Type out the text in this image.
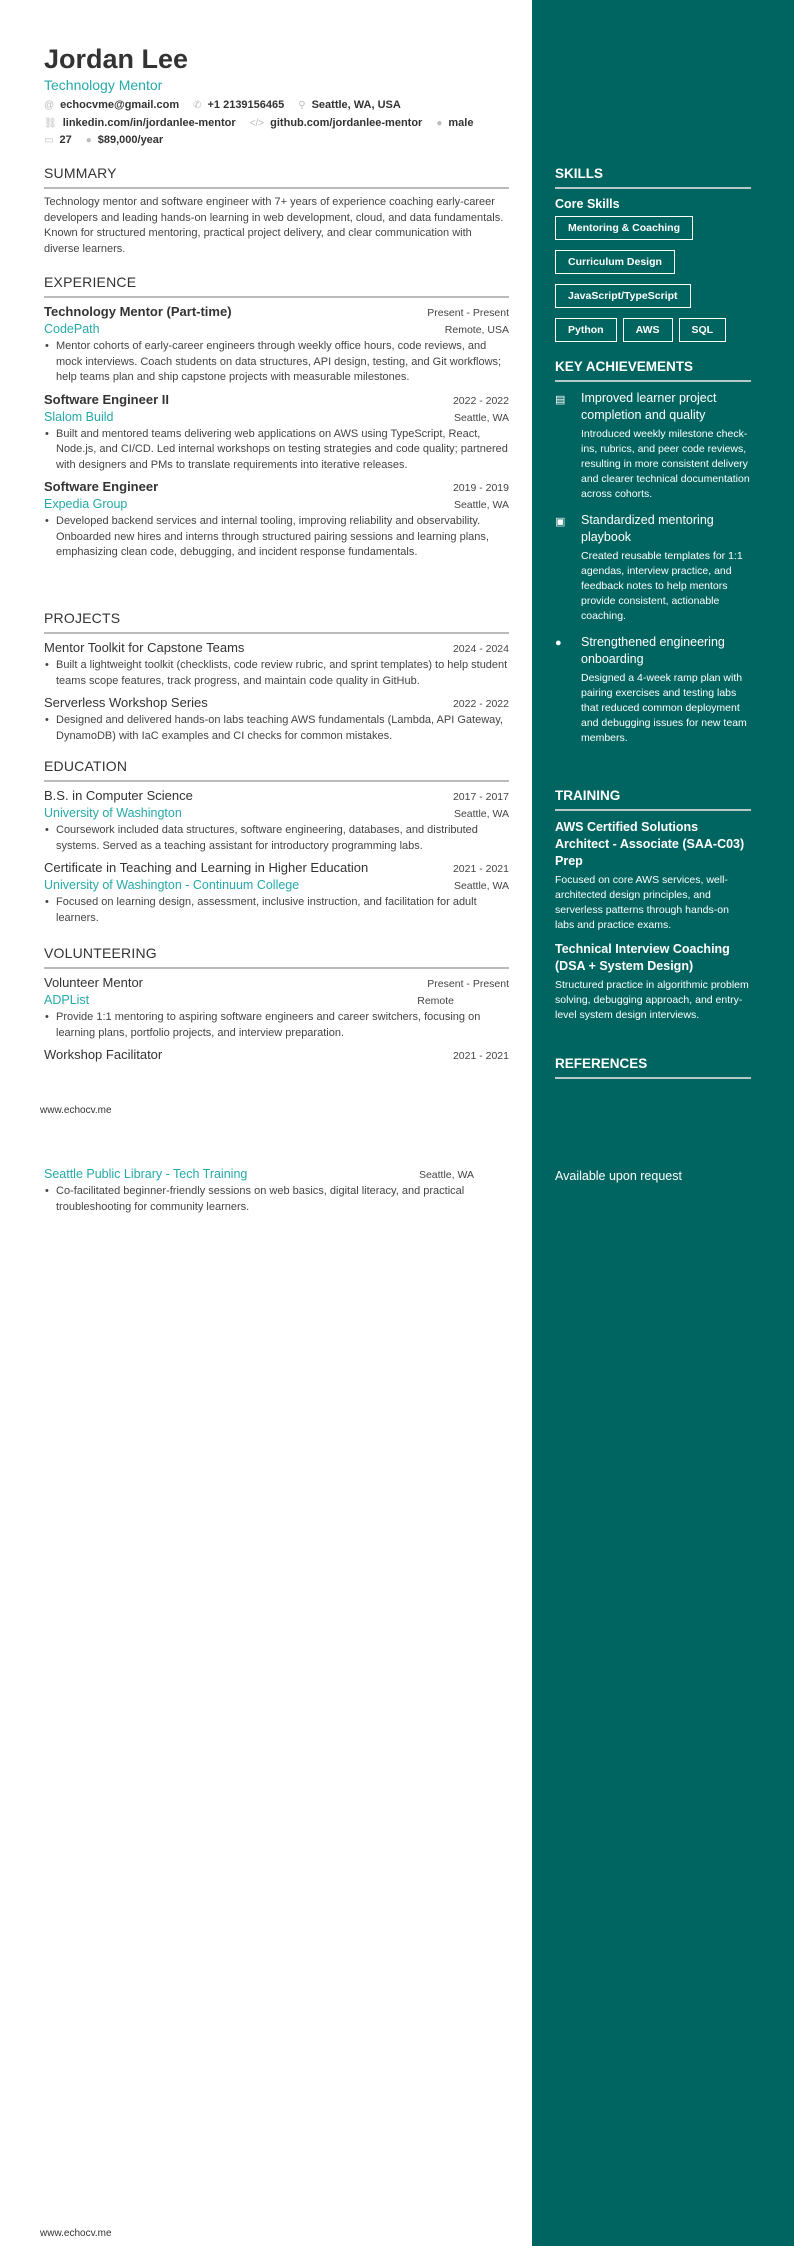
Jordan Lee
Technology Mentor
@ echocvme@gmail.com ✆ +1 2139156465 ⚲ Seattle, WA, USA
⛓ linkedin.com/in/jordanlee-mentor </> github.com/jordanlee-mentor ● male
▭ 27 ● $89,000/year
SUMMARY
Technology mentor and software engineer with 7+ years of experience coaching early-career developers and leading hands-on learning in web development, cloud, and data fundamentals. Known for structured mentoring, practical project delivery, and clear communication with diverse learners.
EXPERIENCE
Technology Mentor (Part-time)	Present - Present
CodePath	Remote, USA
• Mentor cohorts of early-career engineers through weekly office hours, code reviews, and mock interviews. Coach students on data structures, API design, testing, and Git workflows; help teams plan and ship capstone projects with measurable milestones.
Software Engineer II	2022 - 2022
Slalom Build	Seattle, WA
• Built and mentored teams delivering web applications on AWS using TypeScript, React, Node.js, and CI/CD. Led internal workshops on testing strategies and code quality; partnered with designers and PMs to translate requirements into iterative releases.
Software Engineer	2019 - 2019
Expedia Group	Seattle, WA
• Developed backend services and internal tooling, improving reliability and observability. Onboarded new hires and interns through structured pairing sessions and learning plans, emphasizing clean code, debugging, and incident response fundamentals.
PROJECTS
Mentor Toolkit for Capstone Teams	2024 - 2024
• Built a lightweight toolkit (checklists, code review rubric, and sprint templates) to help student teams scope features, track progress, and maintain code quality in GitHub.
Serverless Workshop Series	2022 - 2022
• Designed and delivered hands-on labs teaching AWS fundamentals (Lambda, API Gateway, DynamoDB) with IaC examples and CI checks for common mistakes.
EDUCATION
B.S. in Computer Science	2017 - 2017
University of Washington	Seattle, WA
• Coursework included data structures, software engineering, databases, and distributed systems. Served as a teaching assistant for introductory programming labs.
Certificate in Teaching and Learning in Higher Education	2021 - 2021
University of Washington - Continuum College	Seattle, WA
• Focused on learning design, assessment, inclusive instruction, and facilitation for adult learners.
VOLUNTEERING
Volunteer Mentor	Present - Present
ADPList	Remote
• Provide 1:1 mentoring to aspiring software engineers and career switchers, focusing on learning plans, portfolio projects, and interview preparation.
Workshop Facilitator	2021 - 2021
www.echocv.me
Seattle Public Library - Tech Training	Seattle, WA
• Co-facilitated beginner-friendly sessions on web basics, digital literacy, and practical troubleshooting for community learners.
www.echocv.me
SKILLS
Core Skills
Mentoring & Coaching
Curriculum Design
JavaScript/TypeScript
Python	AWS	SQL
KEY ACHIEVEMENTS
▤ Improved learner project completion and quality
Introduced weekly milestone check-ins, rubrics, and peer code reviews, resulting in more consistent delivery and clearer technical documentation across cohorts.
▣ Standardized mentoring playbook
Created reusable templates for 1:1 agendas, interview practice, and feedback notes to help mentors provide consistent, actionable coaching.
●	Strengthened engineering onboarding
Designed a 4-week ramp plan with pairing exercises and testing labs that reduced common deployment and debugging issues for new team members.
TRAINING
AWS Certified Solutions Architect - Associate (SAA-C03) Prep
Focused on core AWS services, well-architected design principles, and serverless patterns through hands-on labs and practice exams.
Technical Interview Coaching (DSA + System Design)
Structured practice in algorithmic problem solving, debugging approach, and entry-level system design interviews.
REFERENCES
Available upon request
